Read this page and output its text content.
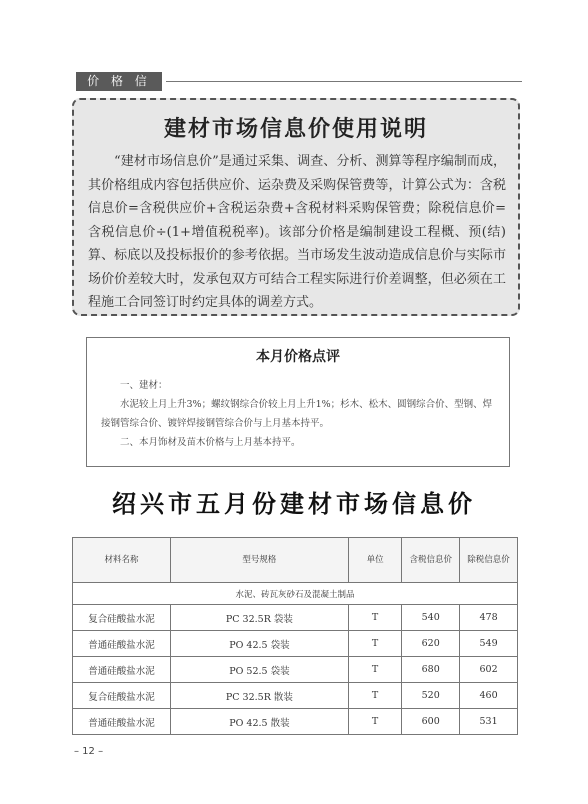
价 格 信
建材市场信息价使用说明
“建材市场信息价”是通过采集、调查、分析、测算等程序编制而成，其价格组成内容包括供应价、运杂费及采购保管费等，计算公式为：含税信息价=含税供应价+含税运杂费+含税材料采购保管费；除税信息价=含税信息价÷(1+增值税税率)。该部分价格是编制建设工程概、预(结)算、标底以及投标报价的参考依据。当市场发生波动造成信息价与实际市场价价差较大时，发承包双方可结合工程实际进行价差调整，但必须在工程施工合同签订时约定具体的调差方式。
本月价格点评

一、建材：

水泥较上月上升3%；螺纹钢综合价较上月上升1%；杉木、松木、圆钢综合价、型钢、焊接钢管综合价、镀锌焊接钢管综合价与上月基本持平。

二、本月饰材及苗木价格与上月基本持平。

绍兴市五月份建材市场信息价
材料名称	型号规格	单位	含税信息价	除税信息价
水泥、砖瓦灰砂石及混凝土制品				
复合硅酸盐水泥	PC 32.5R 袋装	T	540	478
普通硅酸盐水泥	PO 42.5 袋装	T	620	549
普通硅酸盐水泥	PO 52.5 袋装	T	680	602
复合硅酸盐水泥	PC 32.5R 散装	T	520	460
普通硅酸盐水泥	PO 42.5 散装	T	600	531
– 12 –
